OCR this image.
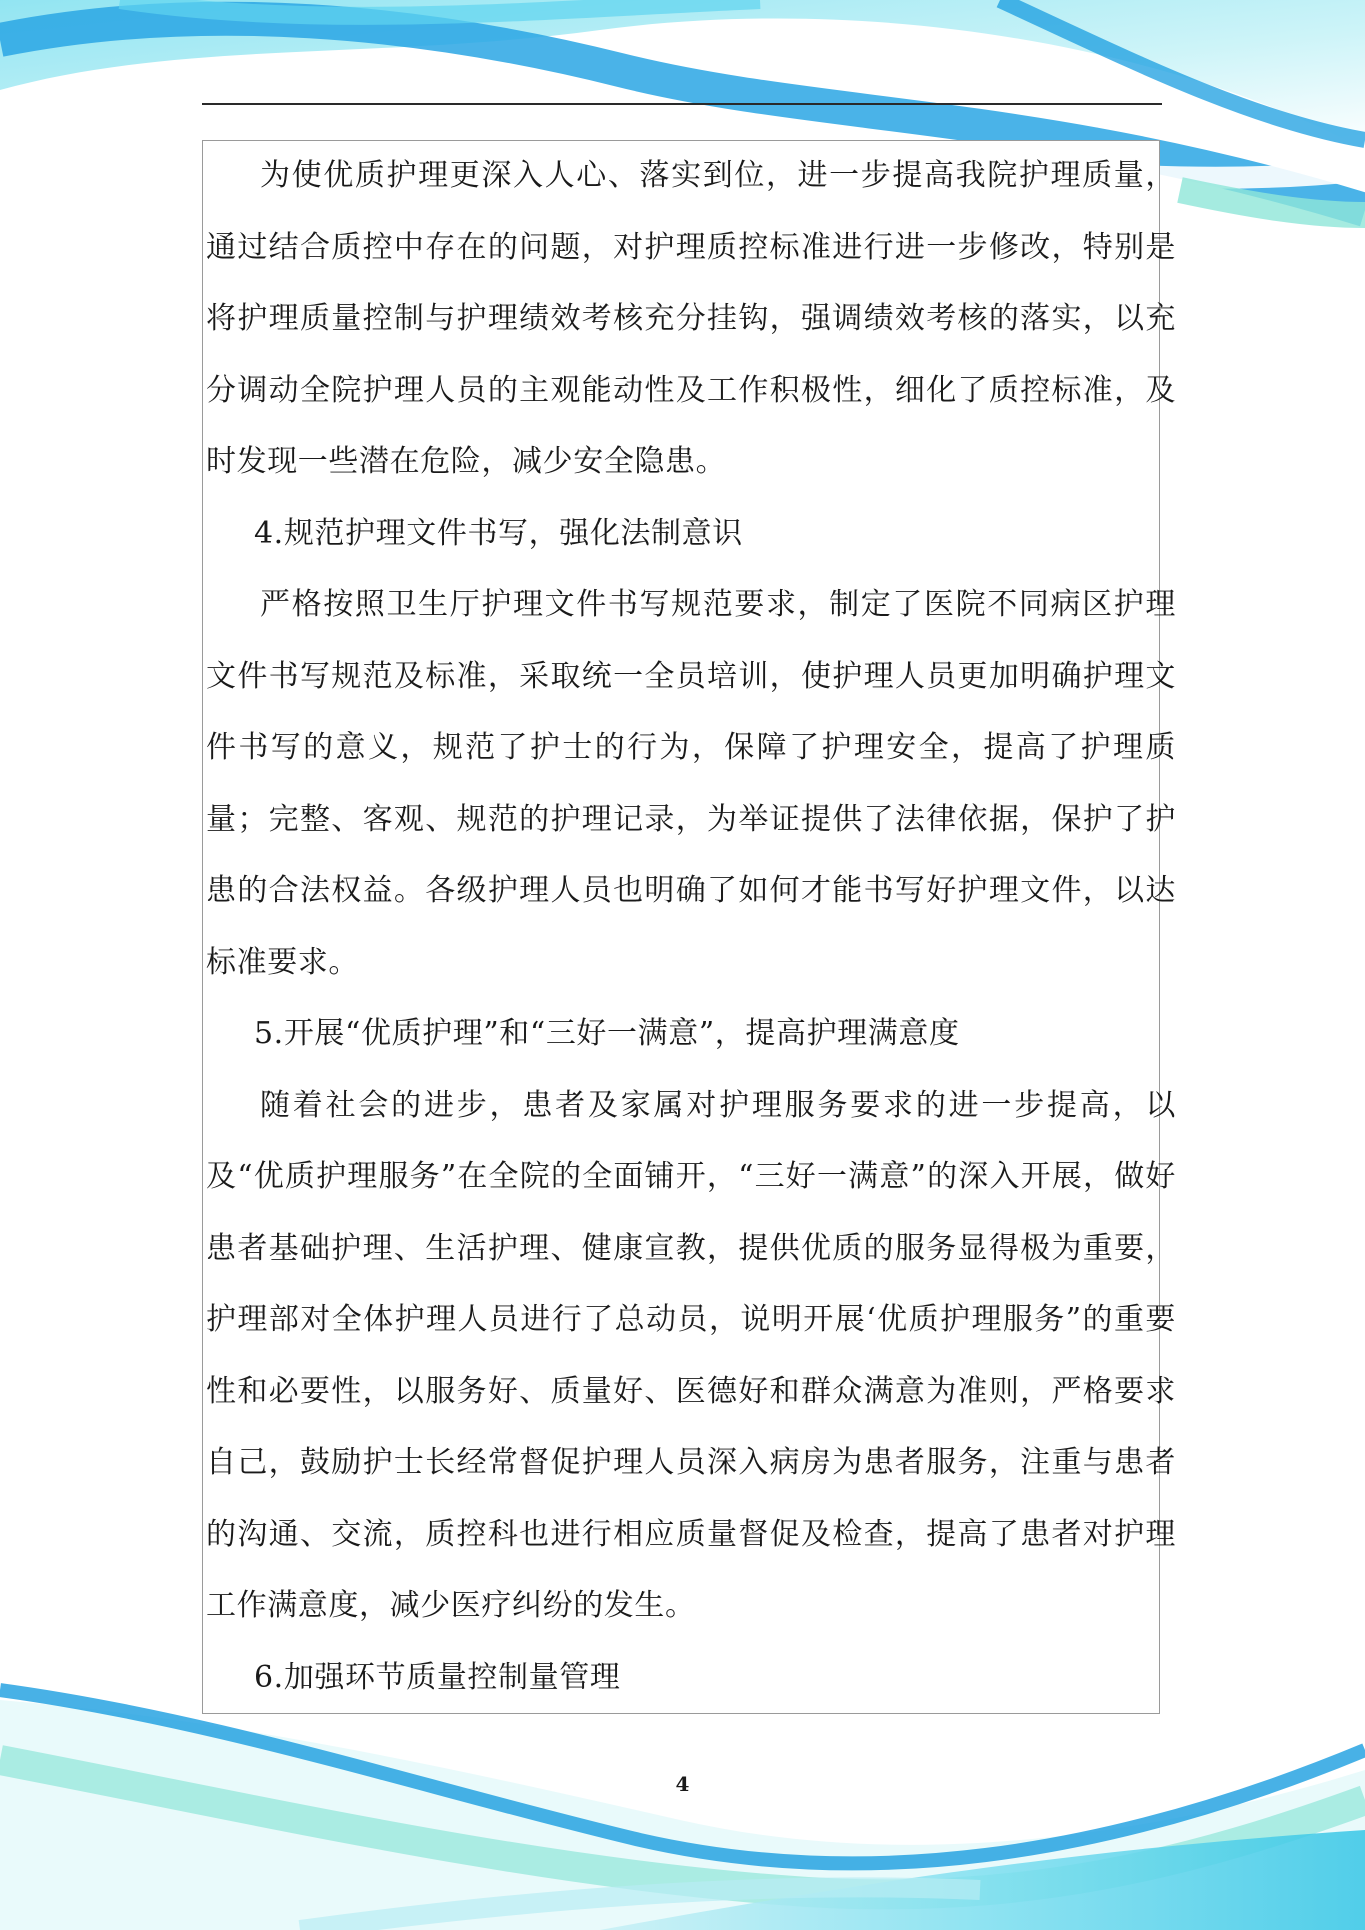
为使优质护理更深入人心、落实到位，进一步提高我院护理质量，通过结合质控中存在的问题，对护理质控标准进行进一步修改，特别是将护理质量控制与护理绩效考核充分挂钩，强调绩效考核的落实，以充分调动全院护理人员的主观能动性及工作积极性，细化了质控标准，及时发现一些潜在危险，减少安全隐患。

4.规范护理文件书写，强化法制意识

严格按照卫生厅护理文件书写规范要求，制定了医院不同病区护理文件书写规范及标准，采取统一全员培训，使护理人员更加明确护理文件书写的意义，规范了护士的行为，保障了护理安全，提高了护理质量；完整、客观、规范的护理记录，为举证提供了法律依据，保护了护患的合法权益。各级护理人员也明确了如何才能书写好护理文件，以达标准要求。

5.开展“优质护理”和“三好一满意”，提高护理满意度

随着社会的进步，患者及家属对护理服务要求的进一步提高，以及“优质护理服务”在全院的全面铺开，“三好一满意”的深入开展，做好患者基础护理、生活护理、健康宣教，提供优质的服务显得极为重要，护理部对全体护理人员进行了总动员，说明开展‘优质护理服务”的重要性和必要性，以服务好、质量好、医德好和群众满意为准则，严格要求自己，鼓励护士长经常督促护理人员深入病房为患者服务，注重与患者的沟通、交流，质控科也进行相应质量督促及检查，提高了患者对护理工作满意度，减少医疗纠纷的发生。

6.加强环节质量控制量管理

4
